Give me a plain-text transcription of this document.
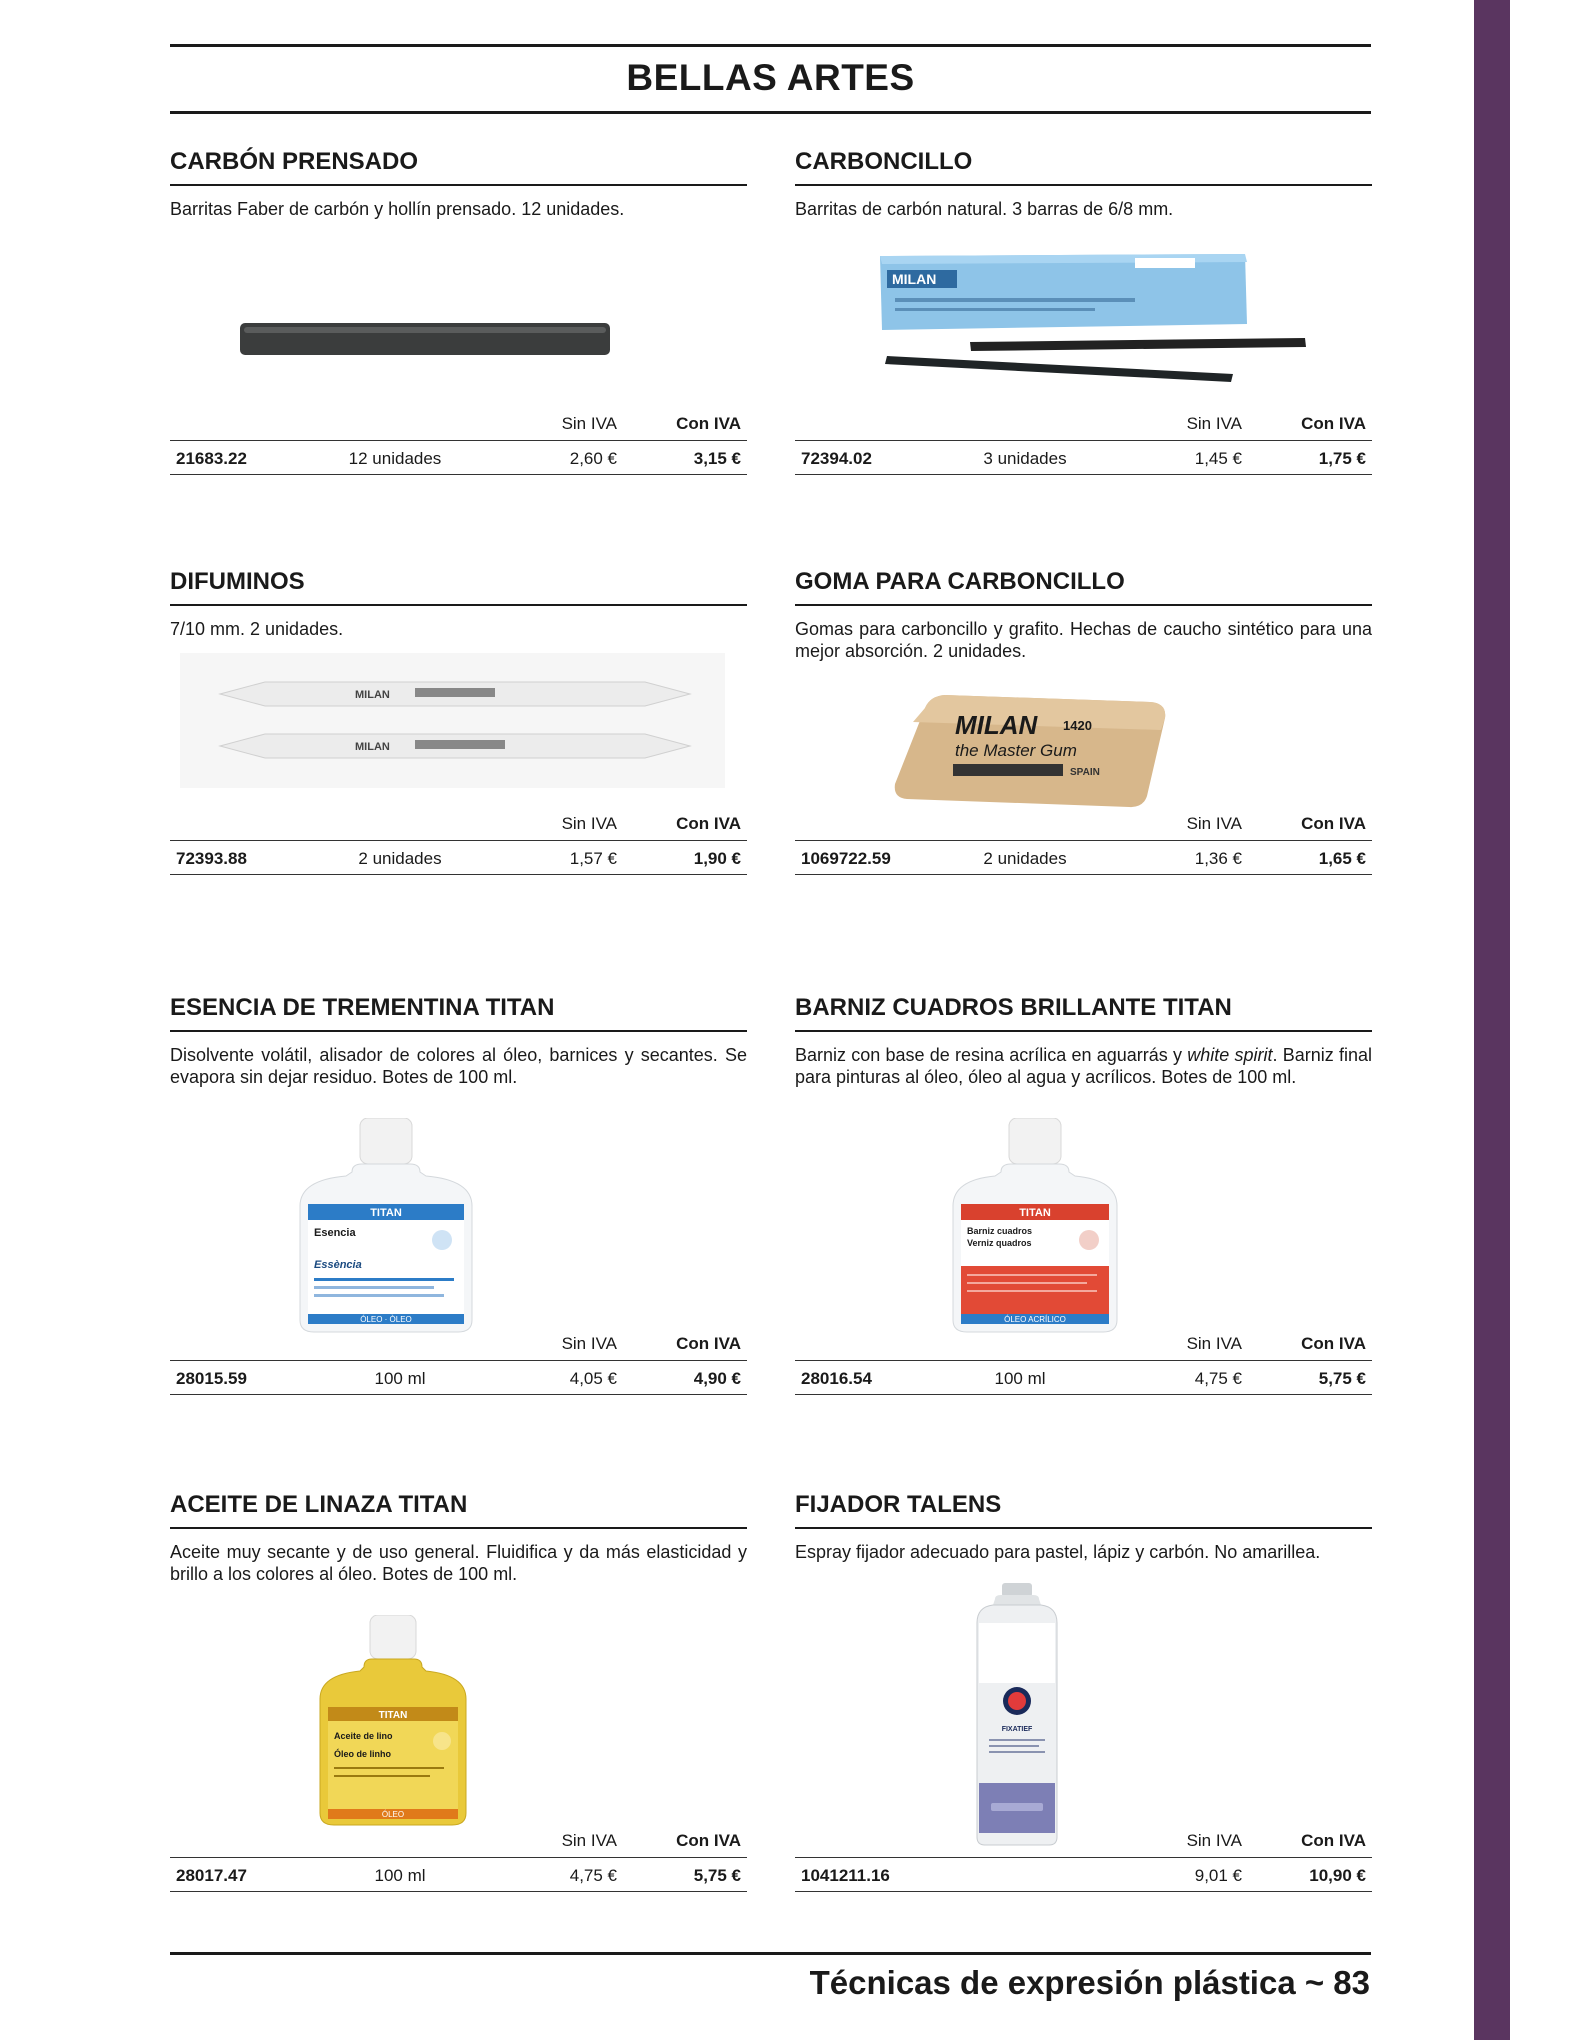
BELLAS ARTES
CARBÓN PRENSADO
Barritas Faber de carbón y hollín prensado. 12 unidades.
Sin IVA	Con IVA
21683.22	12 unidades	2,60 €	3,15 €
CARBONCILLO
Barritas de carbón natural. 3 barras de 6/8 mm.
MILAN
Sin IVA	Con IVA
72394.02	3 unidades	1,45 €	1,75 €
DIFUMINOS
7/10 mm. 2 unidades.
MILAN
MILAN
Sin IVA	Con IVA
72393.88	2 unidades	1,57 €	1,90 €
GOMA PARA CARBONCILLO
Gomas para carboncillo y grafito. Hechas de caucho sintético para una mejor absorción. 2 unidades.
MILAN 1420
the Master Gum
SPAIN
Sin IVA	Con IVA
1069722.59	2 unidades	1,36 €	1,65 €
ESENCIA DE TREMENTINA TITAN
Disolvente volátil, alisador de colores al óleo, barnices y secantes. Se evapora sin dejar residuo. Botes de 100 ml.
TITAN
Esencia
Essència
ÓLEO · ÒLEO
Sin IVA	Con IVA
28015.59	100 ml	4,05 €	4,90 €
BARNIZ CUADROS BRILLANTE TITAN
Barniz con base de resina acrílica en aguarrás y white spirit. Barniz final para pinturas al óleo, óleo al agua y acrílicos. Botes de 100 ml.
TITAN
Barniz cuadros
Verniz quadros
ÓLEO ACRÍLICO
Sin IVA	Con IVA
28016.54	100 ml	4,75 €	5,75 €
ACEITE DE LINAZA TITAN
Aceite muy secante y de uso general. Fluidifica y da más elasticidad y brillo a los colores al óleo. Botes de 100 ml.
TITAN
Aceite de lino
Óleo de linho
ÓLEO
Sin IVA	Con IVA
28017.47	100 ml	4,75 €	5,75 €
FIJADOR TALENS
Espray fijador adecuado para pastel, lápiz y carbón. No amarillea.
FIXATIEF
Sin IVA	Con IVA
1041211.16	9,01 €	10,90 €
Técnicas de expresión plástica ~ 83
